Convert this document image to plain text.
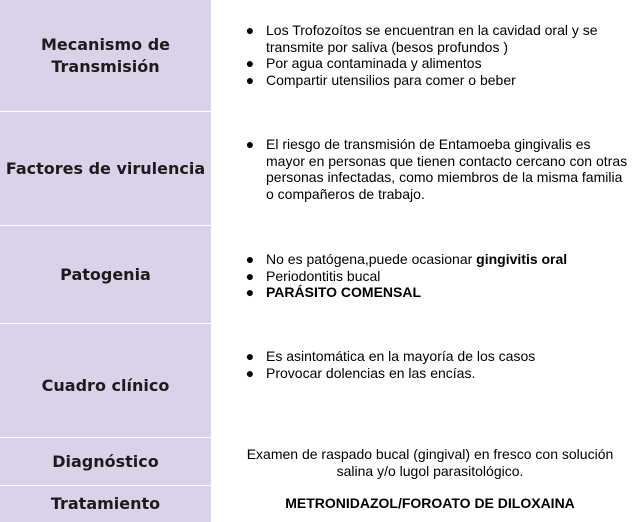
Mecanismo de
Transmisión
● Los Trofozoítos se encuentran en la cavidad oral y se transmite por saliva (besos profundos )
● Por agua contaminada y alimentos
● Compartir utensilios para comer o beber
Factores de virulencia
● El riesgo de transmisión de Entamoeba gingivalis es mayor en personas que tienen contacto cercano con otras personas infectadas, como miembros de la misma familia o compañeros de trabajo.
Patogenia
● No es patógena,puede ocasionar gingivitis oral
● Periodontitis bucal
● PARÁSITO COMENSAL
Cuadro clínico
● Es asintomática en la mayoría de los casos
● Provocar dolencias en las encías.
Diagnóstico	Examen de raspado bucal (gingival) en fresco con solución salina y/o lugol parasitológico.
Tratamiento	METRONIDAZOL/FOROATO DE DILOXAINA
